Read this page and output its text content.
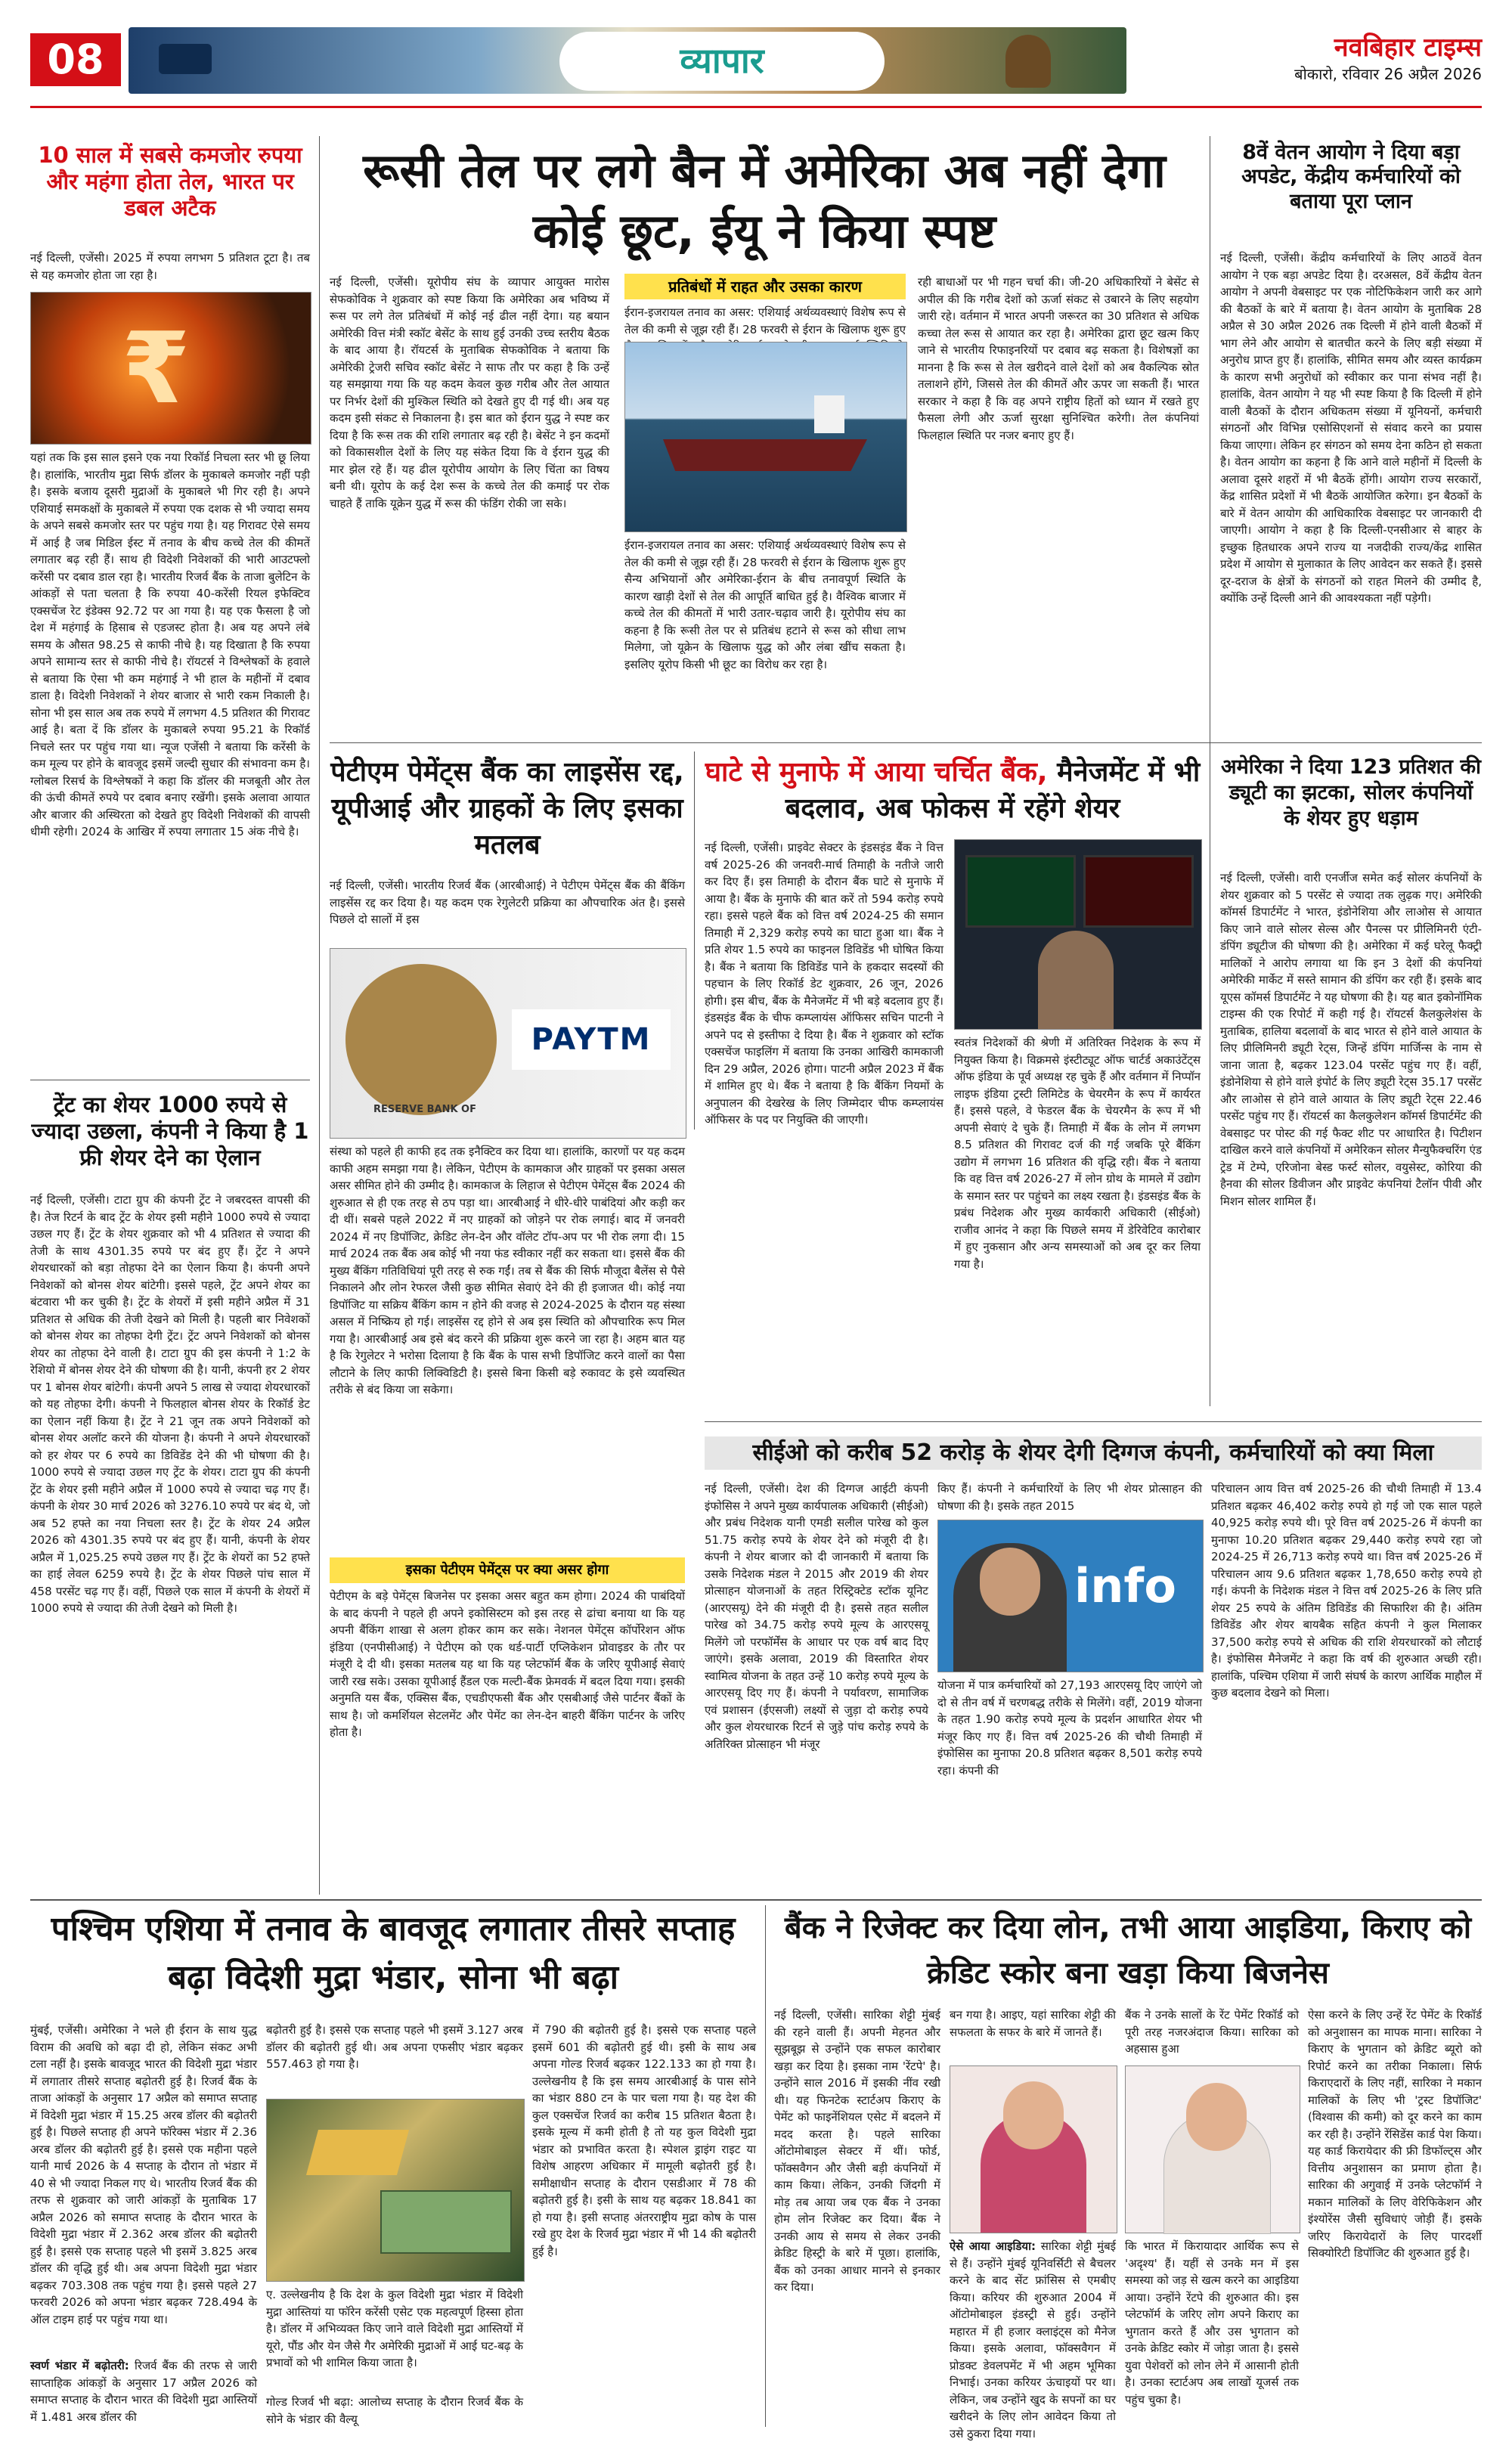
08	व्यापार	नवबिहार टाइम्स
बोकारो, रविवार 26 अप्रैल 2026
10 साल में सबसे कमजोर रुपया और महंगा होता तेल, भारत पर डबल अटैक
नई दिल्ली, एजेंसी। 2025 में रुपया लगभग 5 प्रतिशत टूटा है। तब से यह कमजोर होता जा रहा है।
₹
यहां तक कि इस साल इसने एक नया रिकॉर्ड निचला स्तर भी छू लिया है। हालांकि, भारतीय मुद्रा सिर्फ डॉलर के मुकाबले कमजोर नहीं पड़ी है। इसके बजाय दूसरी मुद्राओं के मुकाबले भी गिर रही है। अपने एशियाई समकक्षों के मुकाबले में रुपया एक दशक से भी ज्यादा समय के अपने सबसे कमजोर स्तर पर पहुंच गया है। यह गिरावट ऐसे समय में आई है जब मिडिल ईस्ट में तनाव के बीच कच्चे तेल की कीमतें लगातार बढ़ रही हैं। साथ ही विदेशी निवेशकों की भारी आउटफ्लो करेंसी पर दबाव डाल रहा है। भारतीय रिजर्व बैंक के ताजा बुलेटिन के आंकड़ों से पता चलता है कि रुपया 40-करेंसी रियल इफेक्टिव एक्सचेंज रेट इंडेक्स 92.72 पर आ गया है। यह एक फैसला है जो देश में महंगाई के हिसाब से एडजस्ट होता है। अब यह अपने लंबे समय के औसत 98.25 से काफी नीचे है। यह दिखाता है कि रुपया अपने सामान्य स्तर से काफी नीचे है। रॉयटर्स ने विश्लेषकों के हवाले से बताया कि ऐसा भी कम महंगाई ने भी हाल के महीनों में दबाव डाला है। विदेशी निवेशकों ने शेयर बाजार से भारी रकम निकाली है। सोना भी इस साल अब तक रुपये में लगभग 4.5 प्रतिशत की गिरावट आई है। बता दें कि डॉलर के मुकाबले रुपया 95.21 के रिकॉर्ड निचले स्तर पर पहुंच गया था। न्यूज एजेंसी ने बताया कि करेंसी के कम मूल्य पर होने के बावजूद इसमें जल्दी सुधार की संभावना कम है। ग्लोबल रिसर्च के विश्लेषकों ने कहा कि डॉलर की मजबूती और तेल की ऊंची कीमतें रुपये पर दबाव बनाए रखेंगी। इसके अलावा आयात और बाजार की अस्थिरता को देखते हुए विदेशी निवेशकों की वापसी धीमी रहेगी। 2024 के आखिर में रुपया लगातार 15 अंक नीचे है।
ट्रेंट का शेयर 1000 रुपये से ज्यादा उछला, कंपनी ने किया है 1 फ्री शेयर देने का ऐलान
नई दिल्ली, एजेंसी। टाटा ग्रुप की कंपनी ट्रेंट ने जबरदस्त वापसी की है। तेज रिटर्न के बाद ट्रेंट के शेयर इसी महीने 1000 रुपये से ज्यादा उछल गए हैं। ट्रेंट के शेयर शुक्रवार को भी 4 प्रतिशत से ज्यादा की तेजी के साथ 4301.35 रुपये पर बंद हुए हैं। ट्रेंट ने अपने शेयरधारकों को बड़ा तोहफा देने का ऐलान किया है। कंपनी अपने निवेशकों को बोनस शेयर बांटेगी। इससे पहले, ट्रेंट अपने शेयर का बंटवारा भी कर चुकी है। ट्रेंट के शेयरों में इसी महीने अप्रैल में 31 प्रतिशत से अधिक की तेजी देखने को मिली है। पहली बार निवेशकों को बोनस शेयर का तोहफा देगी ट्रेंट। ट्रेंट अपने निवेशकों को बोनस शेयर का तोहफा देने वाली है। टाटा ग्रुप की इस कंपनी ने 1:2 के रेशियो में बोनस शेयर देने की घोषणा की है। यानी, कंपनी हर 2 शेयर पर 1 बोनस शेयर बांटेगी। कंपनी अपने 5 लाख से ज्यादा शेयरधारकों को यह तोहफा देगी। कंपनी ने फिलहाल बोनस शेयर के रिकॉर्ड डेट का ऐलान नहीं किया है। ट्रेंट ने 21 जून तक अपने निवेशकों को बोनस शेयर अलॉट करने की योजना है। कंपनी ने अपने शेयरधारकों को हर शेयर पर 6 रुपये का डिविडेंड देने की भी घोषणा की है। 1000 रुपये से ज्यादा उछल गए ट्रेंट के शेयर। टाटा ग्रुप की कंपनी ट्रेंट के शेयर इसी महीने अप्रैल में 1000 रुपये से ज्यादा चढ़ गए हैं। कंपनी के शेयर 30 मार्च 2026 को 3276.10 रुपये पर बंद थे, जो अब 52 हफ्ते का नया निचला स्तर है। ट्रेंट के शेयर 24 अप्रैल 2026 को 4301.35 रुपये पर बंद हुए हैं। यानी, कंपनी के शेयर अप्रैल में 1,025.25 रुपये उछल गए हैं। ट्रेंट के शेयरों का 52 हफ्ते का हाई लेवल 6259 रुपये है। ट्रेंट के शेयर पिछले पांच साल में 458 परसेंट चढ़ गए हैं। वहीं, पिछले एक साल में कंपनी के शेयरों में 1000 रुपये से ज्यादा की तेजी देखने को मिली है।
रूसी तेल पर लगे बैन में अमेरिका अब नहीं देगा कोई छूट, ईयू ने किया स्पष्ट
नई दिल्ली, एजेंसी। यूरोपीय संघ के व्यापार आयुक्त मारोस सेफकोविक ने शुक्रवार को स्पष्ट किया कि अमेरिका अब भविष्य में रूस पर लगे तेल प्रतिबंधों में कोई नई ढील नहीं देगा। यह बयान अमेरिकी वित्त मंत्री स्कॉट बेसेंट के साथ हुई उनकी उच्च स्तरीय बैठक के बाद आया है। रॉयटर्स के मुताबिक सेफकोविक ने बताया कि अमेरिकी ट्रेजरी सचिव स्कॉट बेसेंट ने साफ तौर पर कहा है कि उन्हें यह समझाया गया कि यह कदम केवल कुछ गरीब और तेल आयात पर निर्भर देशों की मुश्किल स्थिति को देखते हुए दी गई थी। अब यह कदम इसी संकट से निकालना है। इस बात को ईरान युद्ध ने स्पष्ट कर दिया है कि रूस तक की राशि लगातार बढ़ रही है। बेसेंट ने इन कदमों को विकासशील देशों के लिए यह संकेत दिया कि वे ईरान युद्ध की मार झेल रहे हैं। यह ढील यूरोपीय आयोग के लिए चिंता का विषय बनी थी। यूरोप के कई देश रूस के कच्चे तेल की कमाई पर रोक चाहते हैं ताकि यूक्रेन युद्ध में रूस की फंडिंग रोकी जा सके।
प्रतिबंधों में राहत और उसका कारण
ईरान-इजरायल तनाव का असर: एशियाई अर्थव्यवस्थाएं विशेष रूप से तेल की कमी से जूझ रही हैं। 28 फरवरी से ईरान के खिलाफ शुरू हुए
ईरान-इजरायल तनाव का असर: एशियाई अर्थव्यवस्थाएं विशेष रूप से तेल की कमी से जूझ रही हैं। 28 फरवरी से ईरान के खिलाफ शुरू हुए सैन्य अभियानों और अमेरिका-ईरान के बीच तनावपूर्ण स्थिति के कारण खाड़ी देशों से तेल की आपूर्ति बाधित हुई है। वैश्विक बाजार में कच्चे तेल की कीमतों में भारी उतार-चढ़ाव जारी है। यूरोपीय संघ का कहना है कि रूसी तेल पर से प्रतिबंध हटाने से रूस को सीधा लाभ मिलेगा, जो यूक्रेन के खिलाफ युद्ध को और लंबा खींच सकता है। इसलिए यूरोप किसी भी छूट का विरोध कर रहा है।
रही बाधाओं पर भी गहन चर्चा की। जी-20 अधिकारियों ने बेसेंट से अपील की कि गरीब देशों को ऊर्जा संकट से उबारने के लिए सहयोग जारी रहे। वर्तमान में भारत अपनी जरूरत का 30 प्रतिशत से अधिक कच्चा तेल रूस से आयात कर रहा है। अमेरिका द्वारा छूट खत्म किए जाने से भारतीय रिफाइनरियों पर दबाव बढ़ सकता है। विशेषज्ञों का मानना है कि रूस से तेल खरीदने वाले देशों को अब वैकल्पिक स्रोत तलाशने होंगे, जिससे तेल की कीमतें और ऊपर जा सकती हैं। भारत सरकार ने कहा है कि वह अपने राष्ट्रीय हितों को ध्यान में रखते हुए फैसला लेगी और ऊर्जा सुरक्षा सुनिश्चित करेगी। तेल कंपनियां फिलहाल स्थिति पर नजर बनाए हुए हैं।
8वें वेतन आयोग ने दिया बड़ा अपडेट, केंद्रीय कर्मचारियों को बताया पूरा प्लान
नई दिल्ली, एजेंसी। केंद्रीय कर्मचारियों के लिए आठवें वेतन आयोग ने एक बड़ा अपडेट दिया है। दरअसल, 8वें केंद्रीय वेतन आयोग ने अपनी वेबसाइट पर एक नोटिफिकेशन जारी कर आगे की बैठकों के बारे में बताया है। वेतन आयोग के मुताबिक 28 अप्रैल से 30 अप्रैल 2026 तक दिल्ली में होने वाली बैठकों में भाग लेने और आयोग से बातचीत करने के लिए बड़ी संख्या में अनुरोध प्राप्त हुए हैं। हालांकि, सीमित समय और व्यस्त कार्यक्रम के कारण सभी अनुरोधों को स्वीकार कर पाना संभव नहीं है। हालांकि, वेतन आयोग ने यह भी स्पष्ट किया है कि दिल्ली में होने वाली बैठकों के दौरान अधिकतम संख्या में यूनियनों, कर्मचारी संगठनों और विभिन्न एसोसिएशनों से संवाद करने का प्रयास किया जाएगा। लेकिन हर संगठन को समय देना कठिन हो सकता है। वेतन आयोग का कहना है कि आने वाले महीनों में दिल्ली के अलावा दूसरे शहरों में भी बैठकें होंगी। आयोग राज्य सरकारों, केंद्र शासित प्रदेशों में भी बैठकें आयोजित करेगा। इन बैठकों के बारे में वेतन आयोग की आधिकारिक वेबसाइट पर जानकारी दी जाएगी। आयोग ने कहा है कि दिल्ली-एनसीआर से बाहर के इच्छुक हितधारक अपने राज्य या नजदीकी राज्य/केंद्र शासित प्रदेश में आयोग से मुलाकात के लिए आवेदन कर सकते हैं। इससे दूर-दराज के क्षेत्रों के संगठनों को राहत मिलने की उम्मीद है, क्योंकि उन्हें दिल्ली आने की आवश्यकता नहीं पड़ेगी।
पेटीएम पेमेंट्स बैंक का लाइसेंस रद्द, यूपीआई और ग्राहकों के लिए इसका मतलब
नई दिल्ली, एजेंसी। भारतीय रिजर्व बैंक (आरबीआई) ने पेटीएम पेमेंट्स बैंक की बैंकिंग लाइसेंस रद्द कर दिया है। यह कदम एक रेगुलेटरी प्रक्रिया का औपचारिक अंत है। इससे पिछले दो सालों में इस
RESERVE BANK OF
PAYTM
संस्था को पहले ही काफी हद तक इनैक्टिव कर दिया था। हालांकि, कारणों पर यह कदम काफी अहम समझा गया है। लेकिन, पेटीएम के कामकाज और ग्राहकों पर इसका असल असर सीमित होने की उम्मीद है। कामकाज के लिहाज से पेटीएम पेमेंट्स बैंक 2024 की शुरुआत से ही एक तरह से ठप पड़ा था। आरबीआई ने धीरे-धीरे पाबंदियां और कड़ी कर दी थीं। सबसे पहले 2022 में नए ग्राहकों को जोड़ने पर रोक लगाई। बाद में जनवरी 2024 में नए डिपॉजिट, क्रेडिट लेन-देन और वॉलेट टॉप-अप पर भी रोक लगा दी। 15 मार्च 2024 तक बैंक अब कोई भी नया फंड स्वीकार नहीं कर सकता था। इससे बैंक की मुख्य बैंकिंग गतिविधियां पूरी तरह से रुक गईं। तब से बैंक की सिर्फ मौजूदा बैलेंस से पैसे निकालने और लोन रेफरल जैसी कुछ सीमित सेवाएं देने की ही इजाजत थी। कोई नया डिपॉजिट या सक्रिय बैंकिंग काम न होने की वजह से 2024-2025 के दौरान यह संस्था असल में निष्क्रिय हो गई। लाइसेंस रद्द होने से अब इस स्थिति को औपचारिक रूप मिल गया है। आरबीआई अब इसे बंद करने की प्रक्रिया शुरू करने जा रहा है। अहम बात यह है कि रेगुलेटर ने भरोसा दिलाया है कि बैंक के पास सभी डिपॉजिट करने वालों का पैसा लौटाने के लिए काफी लिक्विडिटी है। इससे बिना किसी बड़े रुकावट के इसे व्यवस्थित तरीके से बंद किया जा सकेगा।
इसका पेटीएम पेमेंट्स पर क्या असर होगा
पेटीएम के बड़े पेमेंट्स बिजनेस पर इसका असर बहुत कम होगा। 2024 की पाबंदियों के बाद कंपनी ने पहले ही अपने इकोसिस्टम को इस तरह से ढांचा बनाया था कि यह अपनी बैंकिंग शाखा से अलग होकर काम कर सके। नेशनल पेमेंट्स कॉर्पोरेशन ऑफ इंडिया (एनपीसीआई) ने पेटीएम को एक थर्ड-पार्टी एप्लिकेशन प्रोवाइडर के तौर पर मंजूरी दे दी थी। इसका मतलब यह था कि यह प्लेटफॉर्म बैंक के जरिए यूपीआई सेवाएं जारी रख सके। उसका यूपीआई हैंडल एक मल्टी-बैंक फ्रेमवर्क में बदल दिया गया। इसकी अनुमति यस बैंक, एक्सिस बैंक, एचडीएफसी बैंक और एसबीआई जैसे पार्टनर बैंकों के साथ है। जो कमर्शियल सेटलमेंट और पेमेंट का लेन-देन बाहरी बैंकिंग पार्टनर के जरिए होता है।
घाटे से मुनाफे में आया चर्चित बैंक, मैनेजमेंट में भी बदलाव, अब फोकस में रहेंगे शेयर
नई दिल्ली, एजेंसी। प्राइवेट सेक्टर के इंडसइंड बैंक ने वित्त वर्ष 2025-26 की जनवरी-मार्च तिमाही के नतीजे जारी कर दिए हैं। इस तिमाही के दौरान बैंक घाटे से मुनाफे में आया है। बैंक के मुनाफे की बात करें तो 594 करोड़ रुपये रहा। इससे पहले बैंक को वित्त वर्ष 2024-25 की समान तिमाही में 2,329 करोड़ रुपये का घाटा हुआ था। बैंक ने प्रति शेयर 1.5 रुपये का फाइनल डिविडेंड भी घोषित किया है। बैंक ने बताया कि डिविडेंड पाने के हकदार सदस्यों की पहचान के लिए रिकॉर्ड डेट शुक्रवार, 26 जून, 2026 होगी। इस बीच, बैंक के मैनेजमेंट में भी बड़े बदलाव हुए हैं। इंडसइंड बैंक के चीफ कम्प्लायंस ऑफिसर सचिन पाटनी ने अपने पद से इस्तीफा दे दिया है। बैंक ने शुक्रवार को स्टॉक एक्सचेंज फाइलिंग में बताया कि उनका आखिरी कामकाजी दिन 29 अप्रैल, 2026 होगा। पाटनी अप्रैल 2023 में बैंक में शामिल हुए थे। बैंक ने बताया है कि बैंकिंग नियमों के अनुपालन की देखरेख के लिए जिम्मेदार चीफ कम्प्लायंस ऑफिसर के पद पर नियुक्ति की जाएगी।
स्वतंत्र निदेशकों की श्रेणी में अतिरिक्त निदेशक के रूप में नियुक्त किया है। विक्रमसे इंस्टीट्यूट ऑफ चार्टर्ड अकाउंटेंट्स ऑफ इंडिया के पूर्व अध्यक्ष रह चुके हैं और वर्तमान में निप्पॉन लाइफ इंडिया ट्रस्टी लिमिटेड के चेयरमैन के रूप में कार्यरत हैं। इससे पहले, वे फेडरल बैंक के चेयरमैन के रूप में भी अपनी सेवाएं दे चुके हैं। तिमाही में बैंक के लोन में लगभग 8.5 प्रतिशत की गिरावट दर्ज की गई जबकि पूरे बैंकिंग उद्योग में लगभग 16 प्रतिशत की वृद्धि रही। बैंक ने बताया कि वह वित्त वर्ष 2026-27 में लोन ग्रोथ के मामले में उद्योग के समान स्तर पर पहुंचने का लक्ष्य रखता है। इंडसइंड बैंक के प्रबंध निदेशक और मुख्य कार्यकारी अधिकारी (सीईओ) राजीव आनंद ने कहा कि पिछले समय में डेरिवेटिव कारोबार में हुए नुकसान और अन्य समस्याओं को अब दूर कर लिया गया है।
अमेरिका ने दिया 123 प्रतिशत की ड्यूटी का झटका, सोलर कंपनियों के शेयर हुए धड़ाम
नई दिल्ली, एजेंसी। वारी एनर्जीज समेत कई सोलर कंपनियों के शेयर शुक्रवार को 5 परसेंट से ज्यादा तक लुढ़क गए। अमेरिकी कॉमर्स डिपार्टमेंट ने भारत, इंडोनेशिया और लाओस से आयात किए जाने वाले सोलर सेल्स और पैनल्स पर प्रीलिमिनरी एंटी-डंपिंग ड्यूटीज की घोषणा की है। अमेरिका में कई घरेलू फैक्ट्री मालिकों ने आरोप लगाया था कि इन 3 देशों की कंपनियां अमेरिकी मार्केट में सस्ते सामान की डंपिंग कर रही हैं। इसके बाद यूएस कॉमर्स डिपार्टमेंट ने यह घोषणा की है। यह बात इकोनॉमिक टाइम्स की एक रिपोर्ट में कही गई है। रॉयटर्स कैलकुलेशंस के मुताबिक, हालिया बदलावों के बाद भारत से होने वाले आयात के लिए प्रीलिमिनरी ड्यूटी रेट्स, जिन्हें डंपिंग मार्जिन्स के नाम से जाना जाता है, बढ़कर 123.04 परसेंट पहुंच गए हैं। वहीं, इंडोनेशिया से होने वाले इंपोर्ट के लिए ड्यूटी रेट्स 35.17 परसेंट और लाओस से होने वाले आयात के लिए ड्यूटी रेट्स 22.46 परसेंट पहुंच गए हैं। रॉयटर्स का कैलकुलेशन कॉमर्स डिपार्टमेंट की वेबसाइट पर पोस्ट की गई फैक्ट शीट पर आधारित है। पिटीशन दाखिल करने वाले कंपनियों में अमेरिकन सोलर मैन्युफैक्चरिंग एंड ट्रेड में टेम्पे, एरिजोना बेस्ड फर्स्ट सोलर, वयुसेस्ट, कोरिया की हैनवा की सोलर डिवीजन और प्राइवेट कंपनियां टैलॉन पीवी और मिशन सोलर शामिल हैं।
सीईओ को करीब 52 करोड़ के शेयर देगी दिग्गज कंपनी, कर्मचारियों को क्या मिला
नई दिल्ली, एजेंसी। देश की दिग्गज आईटी कंपनी इंफोसिस ने अपने मुख्य कार्यपालक अधिकारी (सीईओ) और प्रबंध निदेशक यानी एमडी सलील पारेख को कुल 51.75 करोड़ रुपये के शेयर देने को मंजूरी दी है। कंपनी ने शेयर बाजार को दी जानकारी में बताया कि उसके निदेशक मंडल ने 2015 और 2019 की शेयर प्रोत्साहन योजनाओं के तहत रिस्ट्रिक्टेड स्टॉक यूनिट (आरएसयू) देने की मंजूरी दी है। इससे तहत सलील पारेख को 34.75 करोड़ रुपये मूल्य के आरएसयू मिलेंगे जो परफॉर्मेंस के आधार पर एक वर्ष बाद दिए जाएंगे। इसके अलावा, 2019 की विस्तारित शेयर स्वामित्व योजना के तहत उन्हें 10 करोड़ रुपये मूल्य के आरएसयू दिए गए हैं। कंपनी ने पर्यावरण, सामाजिक एवं प्रशासन (ईएसजी) लक्ष्यों से जुड़ा दो करोड़ रुपये और कुल शेयरधारक रिटर्न से जुड़े पांच करोड़ रुपये के अतिरिक्त प्रोत्साहन भी मंजूर
किए हैं। कंपनी ने कर्मचारियों के लिए भी शेयर प्रोत्साहन की घोषणा की है। इसके तहत 2015
info
योजना में पात्र कर्मचारियों को 27,193 आरएसयू दिए जाएंगे जो दो से तीन वर्ष में चरणबद्ध तरीके से मिलेंगे। वहीं, 2019 योजना के तहत 1.90 करोड़ रुपये मूल्य के प्रदर्शन आधारित शेयर भी मंजूर किए गए हैं। वित्त वर्ष 2025-26 की चौथी तिमाही में इंफोसिस का मुनाफा 20.8 प्रतिशत बढ़कर 8,501 करोड़ रुपये रहा। कंपनी की
परिचालन आय वित्त वर्ष 2025-26 की चौथी तिमाही में 13.4 प्रतिशत बढ़कर 46,402 करोड़ रुपये हो गई जो एक साल पहले 40,925 करोड़ रुपये थी। पूरे वित्त वर्ष 2025-26 में कंपनी का मुनाफा 10.20 प्रतिशत बढ़कर 29,440 करोड़ रुपये रहा जो 2024-25 में 26,713 करोड़ रुपये था। वित्त वर्ष 2025-26 में परिचालन आय 9.6 प्रतिशत बढ़कर 1,78,650 करोड़ रुपये हो गई। कंपनी के निदेशक मंडल ने वित्त वर्ष 2025-26 के लिए प्रति शेयर 25 रुपये के अंतिम डिविडेंड की सिफारिश की है। अंतिम डिविडेंड और शेयर बायबैक सहित कंपनी ने कुल मिलाकर 37,500 करोड़ रुपये से अधिक की राशि शेयरधारकों को लौटाई है। इंफोसिस मैनेजमेंट ने कहा कि वर्ष की शुरुआत अच्छी रही। हालांकि, पश्चिम एशिया में जारी संघर्ष के कारण आर्थिक माहौल में कुछ बदलाव देखने को मिला।
पश्चिम एशिया में तनाव के बावजूद लगातार तीसरे सप्ताह बढ़ा विदेशी मुद्रा भंडार, सोना भी बढ़ा
मुंबई, एजेंसी। अमेरिका ने भले ही ईरान के साथ युद्ध विराम की अवधि को बढ़ा दी हो, लेकिन संकट अभी टला नहीं है। इसके बावजूद भारत की विदेशी मुद्रा भंडार में लगातार तीसरे सप्ताह बढ़ोतरी हुई है। रिजर्व बैंक के ताजा आंकड़ों के अनुसार 17 अप्रैल को समाप्त सप्ताह में विदेशी मुद्रा भंडार में 15.25 अरब डॉलर की बढ़ोतरी हुई है। पिछले सप्ताह ही अपने फॉरेक्स भंडार में 2.36 अरब डॉलर की बढ़ोतरी हुई है। इससे एक महीना पहले यानी मार्च 2026 के 4 सप्ताह के दौरान तो भंडार में 40 से भी ज्यादा निकल गए थे। भारतीय रिजर्व बैंक की तरफ से शुक्रवार को जारी आंकड़ों के मुताबिक 17 अप्रैल 2026 को समाप्त सप्ताह के दौरान भारत के विदेशी मुद्रा भंडार में 2.362 अरब डॉलर की बढ़ोतरी हुई है। इससे एक सप्ताह पहले भी इसमें 3.825 अरब डॉलर की वृद्धि हुई थी। अब अपना विदेशी मुद्रा भंडार बढ़कर 703.308 तक पहुंच गया है। इससे पहले 27 फरवरी 2026 को अपना भंडार बढ़कर 728.494 के ऑल टाइम हाई पर पहुंच गया था।
स्वर्ण भंडार में बढ़ोतरी: रिजर्व बैंक की तरफ से जारी साप्ताहिक आंकड़ों के अनुसार 17 अप्रैल 2026 को समाप्त सप्ताह के दौरान भारत की विदेशी मुद्रा आस्तियों में 1.481 अरब डॉलर की
बढ़ोतरी हुई है। इससे एक सप्ताह पहले भी इसमें 3.127 अरब डॉलर की बढ़ोतरी हुई थी। अब अपना एफसीए भंडार बढ़कर 557.463 हो गया है।
ए. उल्लेखनीय है कि देश के कुल विदेशी मुद्रा भंडार में विदेशी मुद्रा आस्तियां या फॉरेन करेंसी एसेट एक महत्वपूर्ण हिस्सा होता है। डॉलर में अभिव्यक्त किए जाने वाले विदेशी मुद्रा आस्तियों में यूरो, पौंड और येन जैसे गैर अमेरिकी मुद्राओं में आई घट-बढ़ के प्रभावों को भी शामिल किया जाता है।
गोल्ड रिजर्व भी बढ़ा: आलोच्य सप्ताह के दौरान रिजर्व बैंक के सोने के भंडार की वैल्यू
में 790 की बढ़ोतरी हुई है। इससे एक सप्ताह पहले इसमें 601 की बढ़ोतरी हुई थी। इसी के साथ अब अपना गोल्ड रिजर्व बढ़कर 122.133 का हो गया है। उल्लेखनीय है कि इस समय आरबीआई के पास सोने का भंडार 880 टन के पार चला गया है। यह देश की कुल एक्सचेंज रिजर्व का करीब 15 प्रतिशत बैठता है। इसके मूल्य में कमी होती है तो यह कुल विदेशी मुद्रा भंडार को प्रभावित करता है। स्पेशल ड्राइंग राइट या विशेष आहरण अधिकार में मामूली बढ़ोतरी हुई है। समीक्षाधीन सप्ताह के दौरान एसडीआर में 78 की बढ़ोतरी हुई है। इसी के साथ यह बढ़कर 18.841 का हो गया है। इसी सप्ताह अंतरराष्ट्रीय मुद्रा कोष के पास रखे हुए देश के रिजर्व मुद्रा भंडार में भी 14 की बढ़ोतरी हुई है।
बैंक ने रिजेक्ट कर दिया लोन, तभी आया आइडिया, किराए को क्रेडिट स्कोर बना खड़ा किया बिजनेस
नई दिल्ली, एजेंसी। सारिका शेट्टी मुंबई की रहने वाली हैं। अपनी मेहनत और सूझबूझ से उन्होंने एक सफल कारोबार खड़ा कर दिया है। इसका नाम 'रेंटपे' है। उन्होंने साल 2016 में इसकी नींव रखी थी। यह फिनटेक स्टार्टअप किराए के पेमेंट को फाइनेंशियल एसेट में बदलने में मदद करता है। पहले सारिका ऑटोमोबाइल सेक्टर में थीं। फोर्ड, फॉक्सवैगन और जैसी बड़ी कंपनियों में काम किया। लेकिन, उनकी जिंदगी में मोड़ तब आया जब एक बैंक ने उनका होम लोन रिजेक्ट कर दिया। बैंक ने उनकी आय से समय से लेकर उनकी क्रेडिट हिस्ट्री के बारे में पूछा। हालांकि, बैंक को उनका आधार मानने से इनकार कर दिया।
बन गया है। आइए, यहां सारिका शेट्टी की सफलता के सफर के बारे में जानते हैं।
ऐसे आया आइडिया: सारिका शेट्टी मुंबई से हैं। उन्होंने मुंबई यूनिवर्सिटी से बैचलर करने के बाद सेंट फ्रांसिस से एमबीए किया। करियर की शुरुआत 2004 में ऑटोमोबाइल इंडस्ट्री से हुई। उन्होंने महारत में ही हजार क्लाइंट्स को मैनेज किया। इसके अलावा, फॉक्सवैगन में प्रोडक्ट डेवलपमेंट में भी अहम भूमिका निभाई। उनका करियर ऊंचाइयों पर था। लेकिन, जब उन्होंने खुद के सपनों का घर खरीदने के लिए लोन आवेदन किया तो उसे ठुकरा दिया गया।
बैंक ने उनके सालों के रेंट पेमेंट रिकॉर्ड को पूरी तरह नजरअंदाज किया। सारिका को अहसास हुआ
कि भारत में किरायादार आर्थिक रूप से 'अदृश्य' हैं। यहीं से उनके मन में इस समस्या को जड़ से खत्म करने का आइडिया आया। उन्होंने रेंटपे की शुरुआत की। इस प्लेटफॉर्म के जरिए लोग अपने किराए का भुगतान करते हैं और उस भुगतान को उनके क्रेडिट स्कोर में जोड़ा जाता है। इससे युवा पेशेवरों को लोन लेने में आसानी होती है। उनका स्टार्टअप अब लाखों यूजर्स तक पहुंच चुका है।
ऐसा करने के लिए उन्हें रेंट पेमेंट के रिकॉर्ड को अनुशासन का मापक माना। सारिका ने किराए के भुगतान को क्रेडिट ब्यूरो को रिपोर्ट करने का तरीका निकाला। सिर्फ किराएदारों के लिए नहीं, सारिका ने मकान मालिकों के लिए भी 'ट्रस्ट डिपॉजिट' (विश्वास की कमी) को दूर करने का काम कर रही है। उन्होंने रेंसिडेंस कार्ड पेश किया। यह कार्ड किरायेदार की फ्री डिफॉल्ट्स और वित्तीय अनुशासन का प्रमाण होता है। सारिका की अगुवाई में उनके प्लेटफॉर्म ने मकान मालिकों के लिए वेरिफिकेशन और इंश्योरेंस जैसी सुविधाएं जोड़ी हैं। इसके जरिए किरायेदारों के लिए पारदर्शी सिक्योरिटी डिपॉजिट की शुरुआत हुई है।
